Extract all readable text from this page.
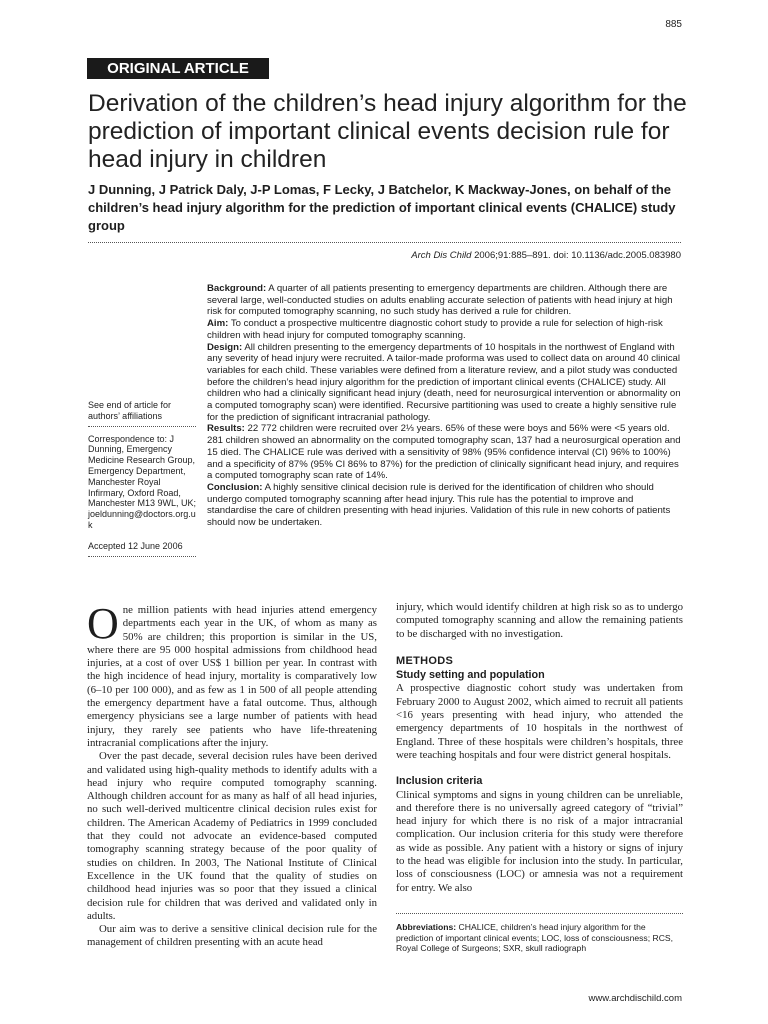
885
ORIGINAL ARTICLE
Derivation of the children’s head injury algorithm for the prediction of important clinical events decision rule for head injury in children
J Dunning, J Patrick Daly, J-P Lomas, F Lecky, J Batchelor, K Mackway-Jones, on behalf of the children’s head injury algorithm for the prediction of important clinical events (CHALICE) study group
Arch Dis Child 2006;91:885–891. doi: 10.1136/adc.2005.083980

Background: A quarter of all patients presenting to emergency departments are children. Although there are several large, well-conducted studies on adults enabling accurate selection of patients with head injury at high risk for computed tomography scanning, no such study has derived a rule for children.

Aim: To conduct a prospective multicentre diagnostic cohort study to provide a rule for selection of high-risk children with head injury for computed tomography scanning.

Design: All children presenting to the emergency departments of 10 hospitals in the northwest of England with any severity of head injury were recruited. A tailor-made proforma was used to collect data on around 40 clinical variables for each child. These variables were defined from a literature review, and a pilot study was conducted before the children’s head injury algorithm for the prediction of important clinical events (CHALICE) study. All children who had a clinically significant head injury (death, need for neurosurgical intervention or abnormality on a computed tomography scan) were identified. Recursive partitioning was used to create a highly sensitive rule for the prediction of significant intracranial pathology.

Results: 22 772 children were recruited over 2⅓ years. 65% of these were boys and 56% were <5 years old. 281 children showed an abnormality on the computed tomography scan, 137 had a neurosurgical operation and 15 died. The CHALICE rule was derived with a sensitivity of 98% (95% confidence interval (CI) 96% to 100%) and a specificity of 87% (95% CI 86% to 87%) for the prediction of clinically significant head injury, and requires a computed tomography scan rate of 14%.

Conclusion: A highly sensitive clinical decision rule is derived for the identification of children who should undergo computed tomography scanning after head injury. This rule has the potential to improve and standardise the care of children presenting with head injuries. Validation of this rule in new cohorts of patients should now be undertaken.

See end of article for authors’ affiliations

Correspondence to: J Dunning, Emergency Medicine Research Group, Emergency Department, Manchester Royal Infirmary, Oxford Road, Manchester M13 9WL, UK; joeldunning@doctors.org.uk

Accepted 12 June 2006

One million patients with head injuries attend emergency departments each year in the UK, of whom as many as 50% are children; this proportion is similar in the US, where there are 95 000 hospital admissions from childhood head injuries, at a cost of over US$ 1 billion per year. In contrast with the high incidence of head injury, mortality is comparatively low (6–10 per 100 000), and as few as 1 in 500 of all people attending the emergency department have a fatal outcome. Thus, although emergency physicians see a large number of patients with head injury, they rarely see patients who have life-threatening intracranial complications after the injury.

Over the past decade, several decision rules have been derived and validated using high-quality methods to identify adults with a head injury who require computed tomography scanning. Although children account for as many as half of all head injuries, no such well-derived multicentre clinical decision rules exist for children. The American Academy of Pediatrics in 1999 concluded that they could not advocate an evidence-based computed tomography scanning strategy because of the poor quality of studies on children. In 2003, The National Institute of Clinical Excellence in the UK found that the quality of studies on childhood head injuries was so poor that they issued a clinical decision rule for children that was derived and validated only in adults.

Our aim was to derive a sensitive clinical decision rule for the management of children presenting with an acute head

injury, which would identify children at high risk so as to undergo computed tomography scanning and allow the remaining patients to be discharged with no investigation.

METHODS
Study setting and population

A prospective diagnostic cohort study was undertaken from February 2000 to August 2002, which aimed to recruit all patients <16 years presenting with head injury, who attended the emergency departments of 10 hospitals in the northwest of England. Three of these hospitals were children’s hospitals, three were teaching hospitals and four were district general hospitals.

Inclusion criteria

Clinical symptoms and signs in young children can be unreliable, and therefore there is no universally agreed category of “trivial” head injury for which there is no risk of a major intracranial complication. Our inclusion criteria for this study were therefore as wide as possible. Any patient with a history or signs of injury to the head was eligible for inclusion into the study. In particular, loss of consciousness (LOC) or amnesia was not a requirement for entry. We also

Abbreviations: CHALICE, children’s head injury algorithm for the prediction of important clinical events; LOC, loss of consciousness; RCS, Royal College of Surgeons; SXR, skull radiograph
www.archdischild.com
